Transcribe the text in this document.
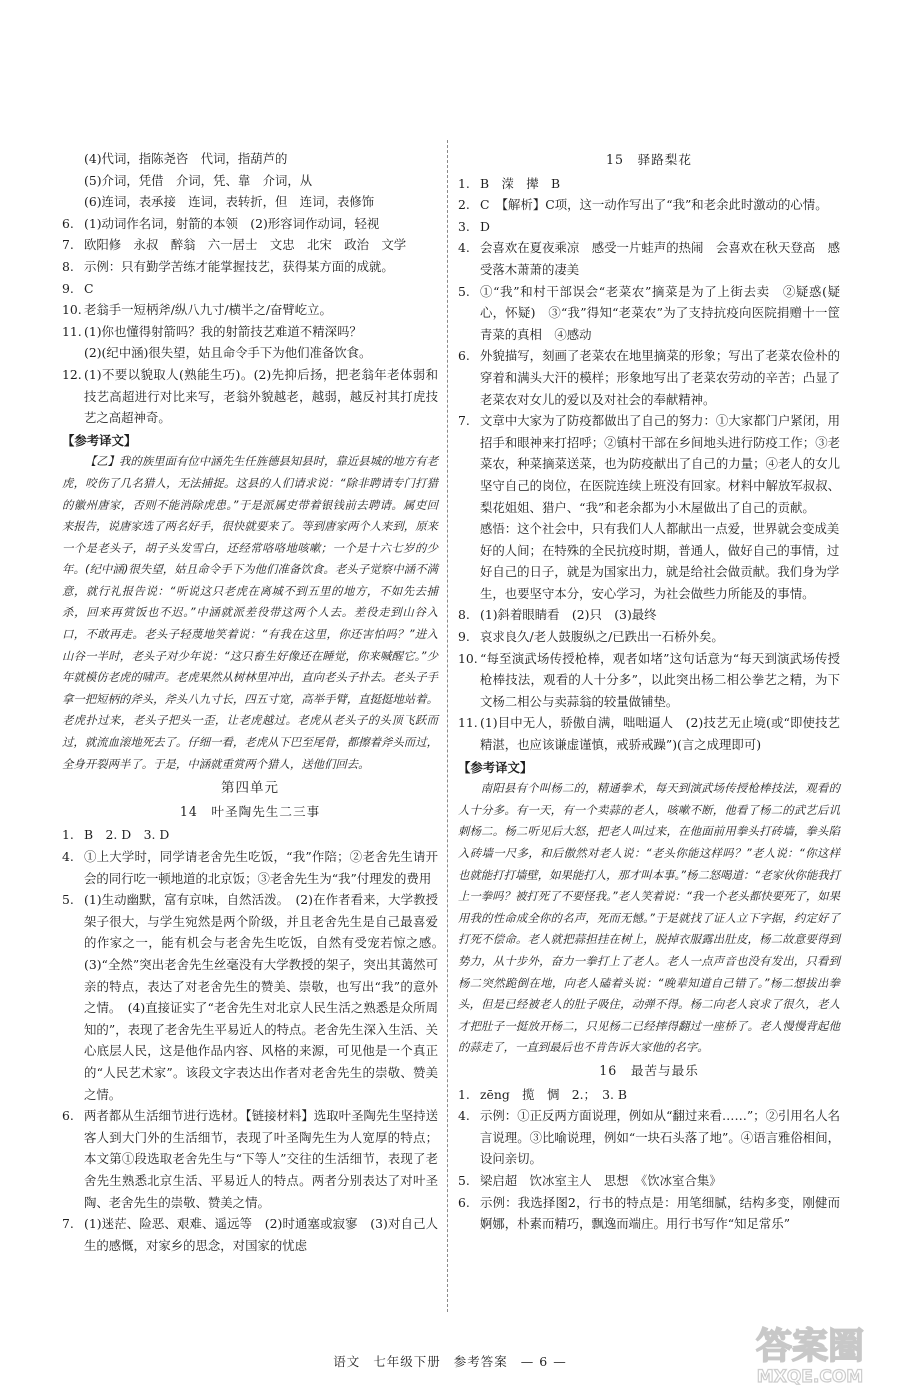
(4)代词，指陈尧咨　代词，指葫芦的
(5)介词，凭借　介词，凭、靠　介词，从
(6)连词，表承接　连词，表转折，但　连词，表修饰
6. (1)动词作名词，射箭的本领　(2)形容词作动词，轻视
7. 欧阳修　永叔　醉翁　六一居士　文忠　北宋　政治　文学
8. 示例：只有勤学苦练才能掌握技艺，获得某方面的成就。
9. C
10. 老翁手一短柄斧/纵八九寸/横半之/奋臂屹立。
11. (1)你也懂得射箭吗？我的射箭技艺难道不精深吗？
(2)(纪中涵)很失望，姑且命令手下为他们准备饮食。
12. (1)不要以貌取人(熟能生巧)。(2)先抑后扬，把老翁年老体弱和技艺高超进行对比来写，老翁外貌越老，越弱，越反衬其打虎技艺之高超神奇。
【参考译文】
【乙】我的族里面有位中涵先生任旌德县知县时，靠近县城的地方有老虎，咬伤了几名猎人，无法捕捉。这县的人们请求说：“除非聘请专门打猎的徽州唐家，否则不能消除虎患。”于是派属吏带着银钱前去聘请。属吏回来报告，说唐家选了两名好手，很快就要来了。等到唐家两个人来到，原来一个是老头子，胡子头发雪白，还经常咯咯地咳嗽；一个是十六七岁的少年。(纪中涵)很失望，姑且命令手下为他们准备饮食。老头子觉察中涵不满意，就行礼报告说：“听说这只老虎在离城不到五里的地方，不如先去捕杀，回来再赏饭也不迟。”中涵就派差役带这两个人去。差役走到山谷入口，不敢再走。老头子轻蔑地笑着说：“有我在这里，你还害怕吗？”进入山谷一半时，老头子对少年说：“这只畜生好像还在睡觉，你来喊醒它。”少年就模仿老虎的啸声。老虎果然从树林里冲出，直向老头子扑去。老头子手拿一把短柄的斧头，斧头八九寸长，四五寸宽，高举手臂，直挺挺地站着。老虎扑过来，老头子把头一歪，让老虎越过。老虎从老头子的头顶飞跃而过，就流血滚地死去了。仔细一看，老虎从下巴至尾骨，都擦着斧头而过，全身开裂两半了。于是，中涵就重赏两个猎人，送他们回去。
第四单元
14　叶圣陶先生二三事
1. B　2. D　3. D
4. ①上大学时，同学请老舍先生吃饭，“我”作陪；②老舍先生请开会的同行吃一顿地道的北京饭；③老舍先生为“我”付理发的费用
5. (1)生动幽默，富有京味，自然活泼。　(2)在作者看来，大学教授架子很大，与学生宛然是两个阶级，并且老舍先生是自己最喜爱的作家之一，能有机会与老舍先生吃饭，自然有受宠若惊之感。　(3)“全然”突出老舍先生丝毫没有大学教授的架子，突出其蔼然可亲的特点，表达了对老舍先生的赞美、崇敬，也写出“我”的意外之情。　(4)直接证实了“老舍先生对北京人民生活之熟悉是众所周知的”，表现了老舍先生平易近人的特点。老舍先生深入生活、关心底层人民，这是他作品内容、风格的来源，可见他是一个真正的“人民艺术家”。该段文字表达出作者对老舍先生的崇敬、赞美之情。
6. 两者都从生活细节进行选材。【链接材料】选取叶圣陶先生坚持送客人到大门外的生活细节，表现了叶圣陶先生为人宽厚的特点；本文第①段选取老舍先生与“下等人”交往的生活细节，表现了老舍先生熟悉北京生活、平易近人的特点。两者分别表达了对叶圣陶、老舍先生的崇敬、赞美之情。
7. (1)迷茫、险恶、艰难、遥远等　(2)时通塞或寂寥　(3)对自己人生的感慨，对家乡的思念，对国家的忧虑
15　驿路梨花
1. B　溁　撵　B
2. C　【解析】C项，这一动作写出了“我”和老余此时激动的心情。
3. D
4. 会喜欢在夏夜乘凉　感受一片蛙声的热闹　会喜欢在秋天登高　感受落木萧萧的凄美
5. ①“我”和村干部误会“老菜农”摘菜是为了上街去卖　②疑惑(疑心，怀疑)　③“我”得知“老菜农”为了支持抗疫向医院捐赠十一筐青菜的真相　④感动
6. 外貌描写，刻画了老菜农在地里摘菜的形象；写出了老菜农俭朴的穿着和满头大汗的模样；形象地写出了老菜农劳动的辛苦；凸显了老菜农对女儿的爱以及对社会的奉献精神。
7. 文章中大家为了防疫都做出了自己的努力：①大家都门户紧闭，用招手和眼神来打招呼；②镇村干部在乡间地头进行防疫工作；③老菜农，种菜摘菜送菜，也为防疫献出了自己的力量；④老人的女儿坚守自己的岗位，在医院连续上班没有回家。材料中解放军叔叔、梨花姐姐、猎户、“我”和老余都为小木屋做出了自己的贡献。
感悟：这个社会中，只有我们人人都献出一点爱，世界就会变成美好的人间；在特殊的全民抗疫时期，普通人，做好自己的事情，过好自己的日子，就是为国家出力，就是给社会做贡献。我们身为学生，也要坚守本分，安心学习，为社会做些力所能及的事情。
8. (1)斜着眼睛看　(2)只　(3)最终
9. 哀求良久/老人鼓腹纵之/已跌出一石桥外矣。
10. “每至演武场传授枪棒，观者如堵”这句话意为“每天到演武场传授枪棒技法，观看的人十分多”，以此突出杨二相公拳艺之精，为下文杨二相公与卖蒜翁的较量做铺垫。
11. (1)目中无人，骄傲自满，咄咄逼人　(2)技艺无止境(或“即使技艺精湛，也应该谦虚谨慎，戒骄戒躁”)(言之成理即可)
【参考译文】
南阳县有个叫杨二的，精通拳术，每天到演武场传授枪棒技法，观看的人十分多。有一天，有一个卖蒜的老人，咳嗽不断，他看了杨二的武艺后讥刺杨二。杨二听见后大怒，把老人叫过来，在他面前用拳头打砖墙，拳头陷入砖墙一尺多，和后傲然对老人说：“老头你能这样吗？”老人说：“你这样也就能打打墙壁，如果能打人，那才叫本事。”杨二怒喝道：“老家伙你能我打上一拳吗？被打死了不要怪我。”老人笑着说：“我一个老头都快要死了，如果用我的性命成全你的名声，死而无憾。”于是就找了证人立下字据，约定好了打死不偿命。老人就把蒜担挂在树上，脱掉衣服露出肚皮，杨二故意要得到势力，从十步外，奋力一拳打上了老人。老人一点声音也没有发出，只看到杨二突然跪倒在地，向老人磕着头说：“晚辈知道自己错了。”杨二想拔出拳头，但是已经被老人的肚子吸住，动弹不得。杨二向老人哀求了很久，老人才把肚子一挺放开杨二，只见杨二已经摔得翻过一座桥了。老人慢慢背起他的蒜走了，一直到最后也不肯告诉大家他的名字。
16　最苦与最乐
1. zēng　揽　惆　2.；　3. B
4. 示例：①正反两方面说理，例如从“翻过来看……”；②引用名人名言说理。③比喻说理，例如“一块石头落了地”。④语言雅俗相间，设问亲切。
5. 梁启超　饮冰室主人　思想　《饮冰室合集》
6. 示例：我选择图2，行书的特点是：用笔细腻，结构多变，刚健而婀娜，朴素而精巧，飘逸而端庄。用行书写作“知足常乐”
语文 七年级下册 参考答案 — 6 —	答案圈
MXQE.COM
